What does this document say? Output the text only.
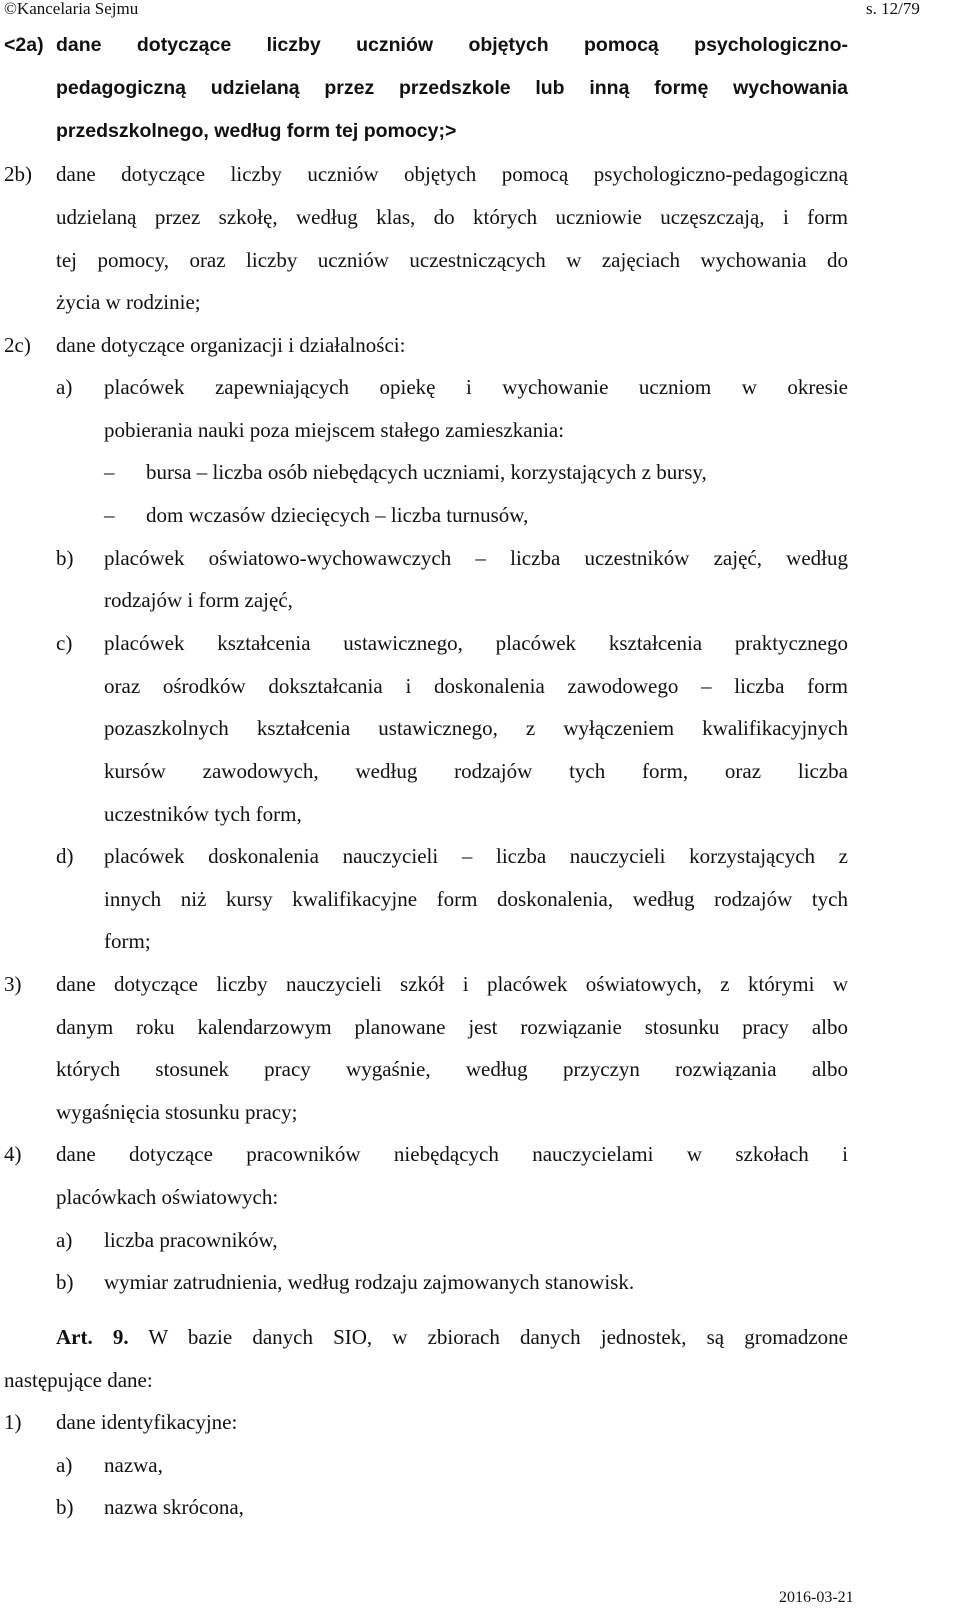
©Kancelaria Sejmu	s. 12/79
<2a) dane dotyczące liczby uczniów objętych pomocą psychologiczno-
pedagogiczną udzielaną przez przedszkole lub inną formę wychowania
przedszkolnego, według form tej pomocy;>
2b) dane dotyczące liczby uczniów objętych pomocą psychologiczno-pedagogiczną
udzielaną przez szkołę, według klas, do których uczniowie uczęszczają, i form
tej pomocy, oraz liczby uczniów uczestniczących w zajęciach wychowania do
życia w rodzinie;
2c) dane dotyczące organizacji i działalności:
a) placówek zapewniających opiekę i wychowanie uczniom w okresie
pobierania nauki poza miejscem stałego zamieszkania:
– bursa – liczba osób niebędących uczniami, korzystających z bursy,
– dom wczasów dziecięcych – liczba turnusów,
b) placówek oświatowo-wychowawczych – liczba uczestników zajęć, według
rodzajów i form zajęć,
c) placówek kształcenia ustawicznego, placówek kształcenia praktycznego
oraz ośrodków dokształcania i doskonalenia zawodowego – liczba form
pozaszkolnych kształcenia ustawicznego, z wyłączeniem kwalifikacyjnych
kursów zawodowych, według rodzajów tych form, oraz liczba
uczestników tych form,
d) placówek doskonalenia nauczycieli – liczba nauczycieli korzystających z
innych niż kursy kwalifikacyjne form doskonalenia, według rodzajów tych
form;
3) dane dotyczące liczby nauczycieli szkół i placówek oświatowych, z którymi w
danym roku kalendarzowym planowane jest rozwiązanie stosunku pracy albo
których stosunek pracy wygaśnie, według przyczyn rozwiązania albo
wygaśnięcia stosunku pracy;
4) dane dotyczące pracowników niebędących nauczycielami w szkołach i
placówkach oświatowych:
a) liczba pracowników,
b) wymiar zatrudnienia, według rodzaju zajmowanych stanowisk.
Art. 9. W bazie danych SIO, w zbiorach danych jednostek, są gromadzone
następujące dane:
1) dane identyfikacyjne:
a) nazwa,
b) nazwa skrócona,
2016-03-21
